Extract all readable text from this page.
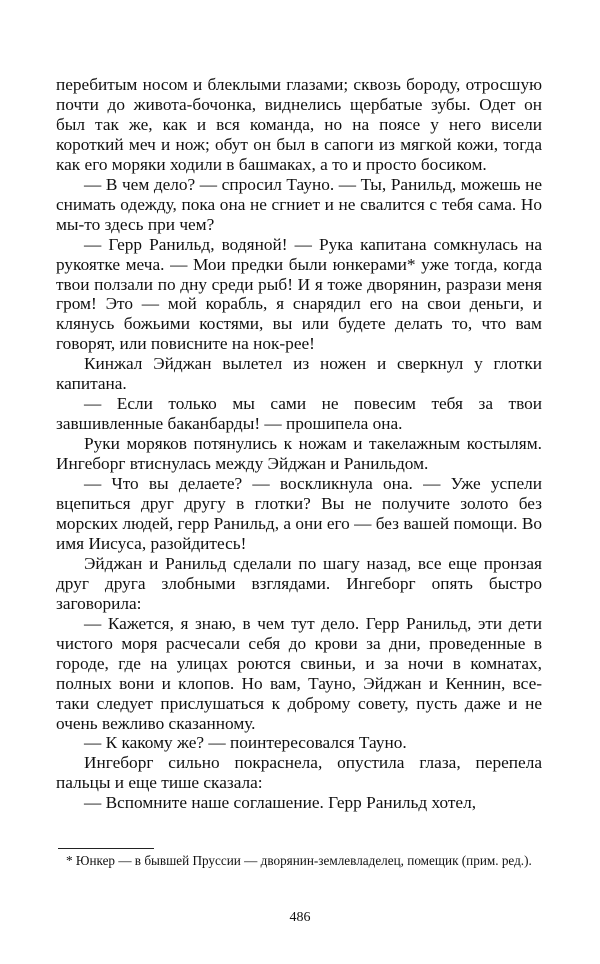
перебитым носом и блеклыми глазами; сквозь бороду, отросшую почти до живота-бочонка, виднелись щербатые зубы. Одет он был так же, как и вся команда, но на поясе у него висели короткий меч и нож; обут он был в сапоги из мягкой кожи, тогда как его моряки ходили в башмаках, а то и просто босиком.

— В чем дело? — спросил Тауно. — Ты, Ранильд, можешь не снимать одежду, пока она не сгниет и не свалится с тебя сама. Но мы-то здесь при чем?

— Герр Ранильд, водяной! — Рука капитана сомкнулась на рукоятке меча. — Мои предки были юнкерами* уже тогда, когда твои ползали по дну среди рыб! И я тоже дворянин, разрази меня гром! Это — мой корабль, я снарядил его на свои деньги, и клянусь божьими костями, вы или будете делать то, что вам говорят, или повисните на нок-рее!

Кинжал Эйджан вылетел из ножен и сверкнул у глотки капитана.

— Если только мы сами не повесим тебя за твои завшивленные баканбарды! — прошипела она.

Руки моряков потянулись к ножам и такелажным костылям. Ингеборг втиснулась между Эйджан и Ранильдом.

— Что вы делаете? — воскликнула она. — Уже успели вцепиться друг другу в глотки? Вы не получите золото без морских людей, герр Ранильд, а они его — без вашей помощи. Во имя Иисуса, разойдитесь!

Эйджан и Ранильд сделали по шагу назад, все еще пронзая друг друга злобными взглядами. Ингеборг опять быстро заговорила:

— Кажется, я знаю, в чем тут дело. Герр Ранильд, эти дети чистого моря расчесали себя до крови за дни, проведенные в городе, где на улицах роются свиньи, и за ночи в комнатах, полных вони и клопов. Но вам, Тауно, Эйджан и Кеннин, все-таки следует прислушаться к доброму совету, пусть даже и не очень вежливо сказанному.

— К какому же? — поинтересовался Тауно.

Ингеборг сильно покраснела, опустила глаза, перепела пальцы и еще тише сказала:

— Вспомните наше соглашение. Герр Ранильд хотел,

* Юнкер — в бывшей Пруссии — дворянин-землевладелец, помещик (прим. ред.).

486
